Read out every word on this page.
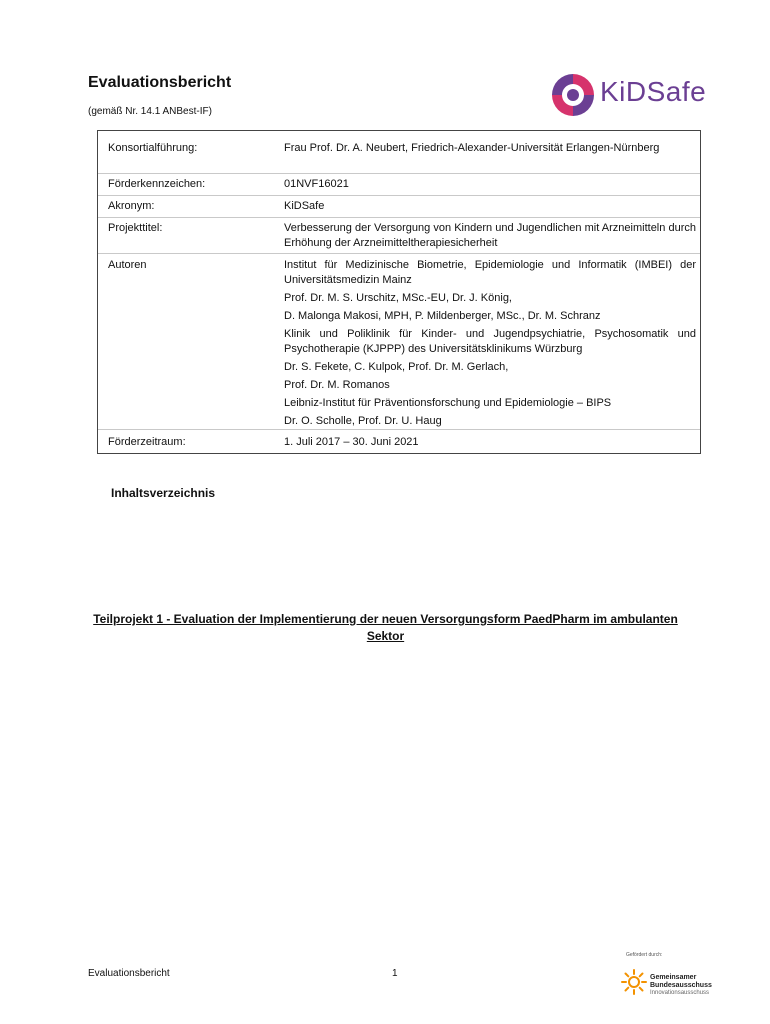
Evaluationsbericht
(gemäß Nr. 14.1 ANBest-IF)
KiDSafe
Konsortialführung:	Frau Prof. Dr. A. Neubert, Friedrich-Alexander-Universität Erlangen-Nürnberg
Förderkennzeichen:	01NVF16021
Akronym:	KiDSafe
Projekttitel:	Verbesserung der Versorgung von Kindern und Jugendlichen mit Arzneimitteln durch Erhöhung der Arzneimitteltherapiesicherheit
Autoren	Institut für Medizinische Biometrie, Epidemiologie und Informatik (IMBEI) der Universitätsmedizin Mainz
Prof. Dr. M. S. Urschitz, MSc.-EU, Dr. J. König,
D. Malonga Makosi, MPH, P. Mildenberger, MSc., Dr. M. Schranz
Klinik und Poliklinik für Kinder- und Jugendpsychiatrie, Psychosomatik und Psychotherapie (KJPPP) des Universitätsklinikums Würzburg
Dr. S. Fekete, C. Kulpok, Prof. Dr. M. Gerlach,
Prof. Dr. M. Romanos
Leibniz-Institut für Präventionsforschung und Epidemiologie – BIPS
Dr. O. Scholle, Prof. Dr. U. Haug
Förderzeitraum:	1. Juli 2017 – 30. Juni 2021
Inhaltsverzeichnis
Teilprojekt 1 - Evaluation der Implementierung der neuen Versorgungsform PaedPharm im ambulanten Sektor
Evaluationsbericht	1
Gefördert durch:
Gemeinsamer
Bundesausschuss
Innovationsausschuss
